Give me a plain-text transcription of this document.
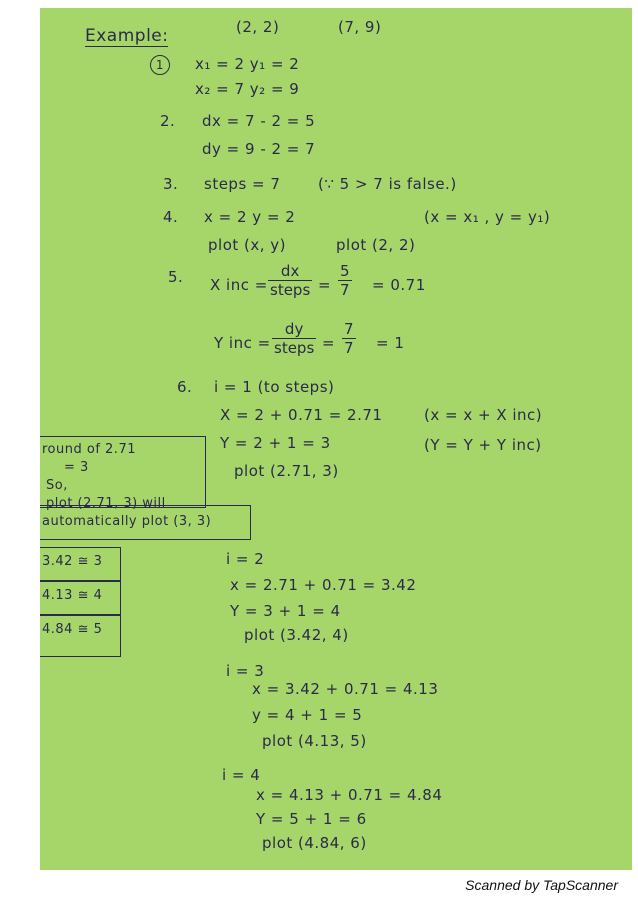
Example:	(2, 2)	(7, 9)
1	x₁ = 2 y₁ = 2
x₂ = 7 y₂ = 9
2. dx = 7 - 2 = 5
dy = 9 - 2 = 7
3. steps = 7	(∵ 5 > 7 is false.)
4. x = 2 y = 2	(x = x₁ , y = y₁)
plot (x, y)	plot (2, 2)
5. X inc =
dx
steps = $\frac{5}{7} = 0.71$
Y inc =
dy
steps = $\frac{7}{7} = 1$
6. i = 1 (to steps)
X = 2 + 0.71 = 2.71	(x = x + X inc)
Y = 2 + 1 = 3	(Y = Y + Y inc)
plot (2.71, 3)
round of 2.71
= 3
So,
plot (2.71, 3) will
automatically plot (3, 3)
3.42 ≅ 3
4.13 ≅ 4
4.84 ≅ 5
i = 2
x = 2.71 + 0.71 = 3.42
Y = 3 + 1 = 4
plot (3.42, 4)
i = 3
x = 3.42 + 0.71 = 4.13
y = 4 + 1 = 5
plot (4.13, 5)
i = 4
x = 4.13 + 0.71 = 4.84
Y = 5 + 1 = 6
plot (4.84, 6)
Scanned by TapScanner
